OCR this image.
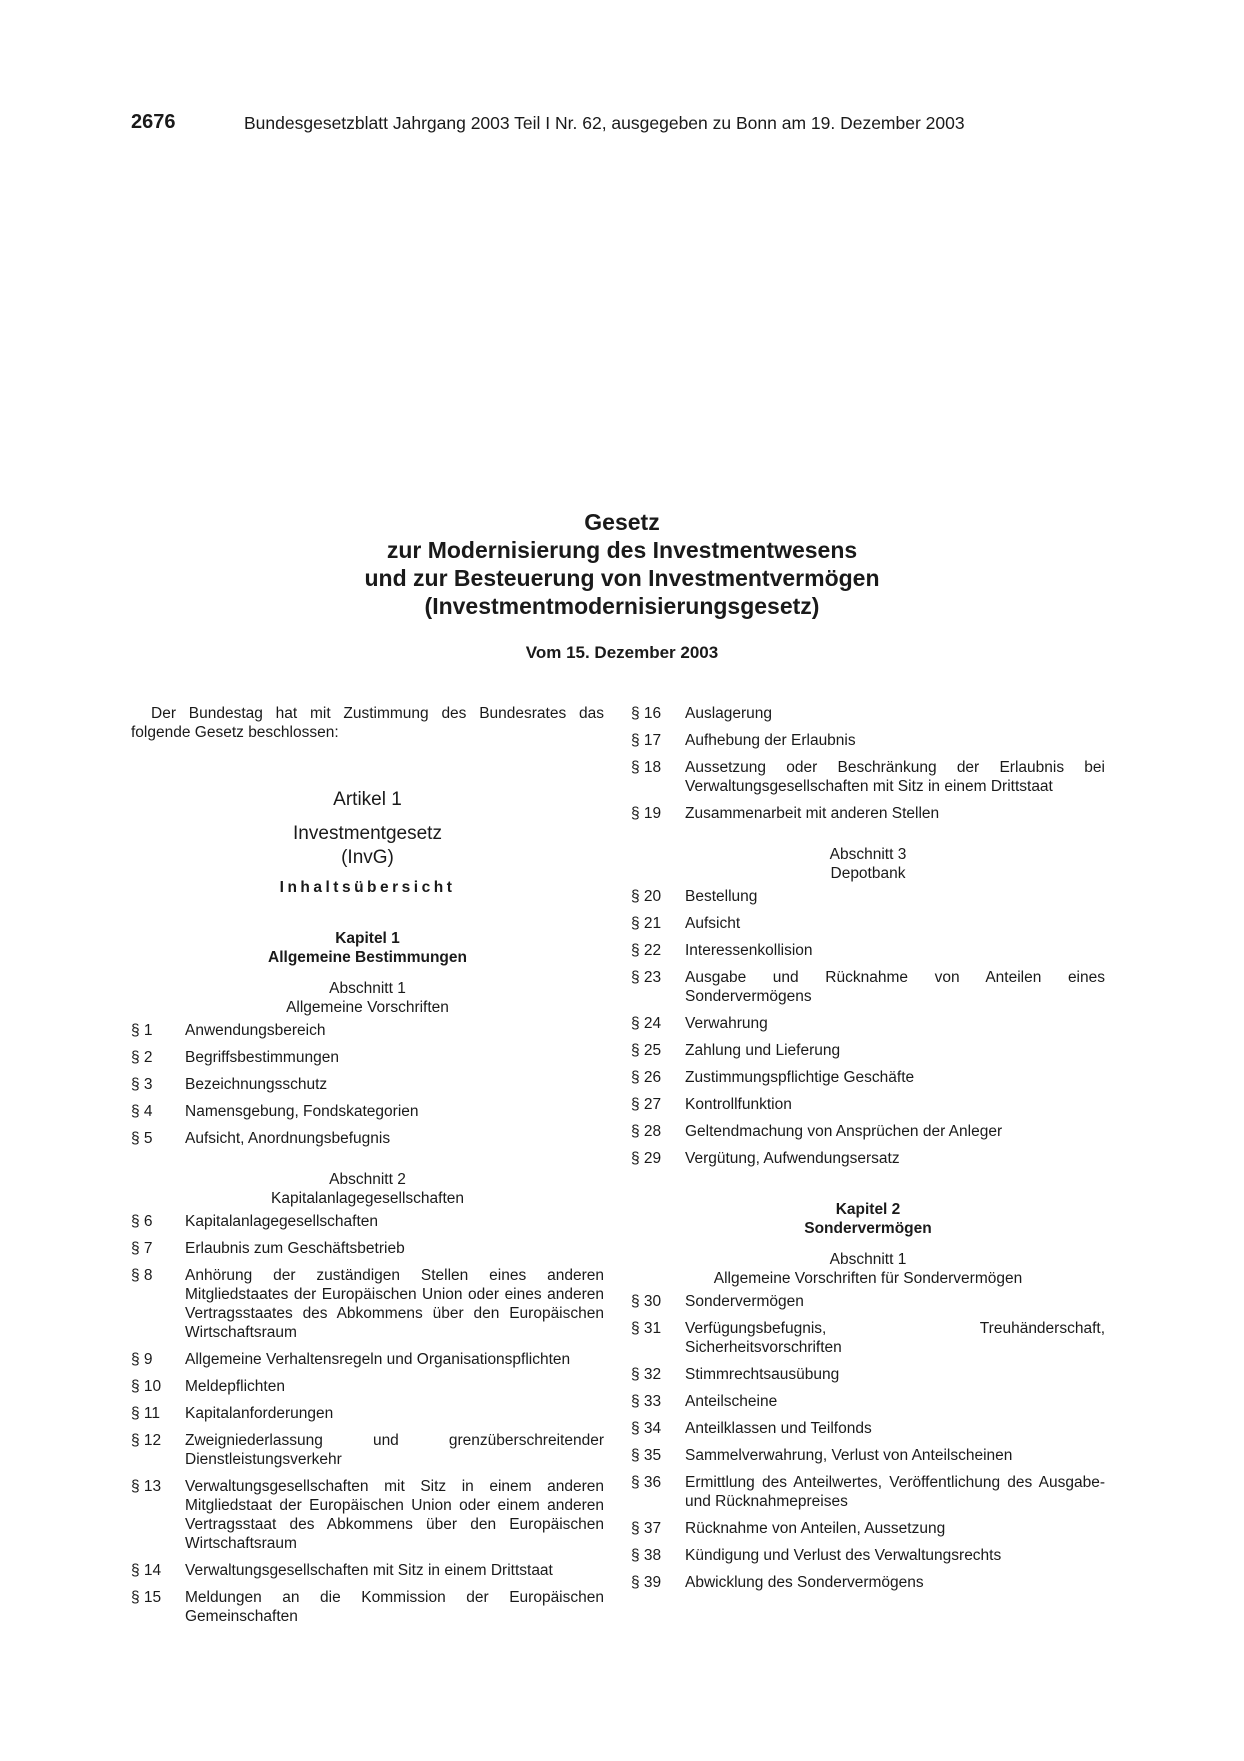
2676	Bundesgesetzblatt Jahrgang 2003 Teil I Nr. 62, ausgegeben zu Bonn am 19. Dezember 2003
Gesetz
zur Modernisierung des Investmentwesens
und zur Besteuerung von Investmentvermögen
(Investmentmodernisierungsgesetz)
Vom 15. Dezember 2003

Der Bundestag hat mit Zustimmung des Bundesrates das folgende Gesetz beschlossen:

Artikel 1
Investmentgesetz
(InvG)
Inhaltsübersicht
Kapitel 1
Allgemeine Bestimmungen
Abschnitt 1
Allgemeine Vorschriften
§ 1	Anwendungsbereich
§ 2	Begriffsbestimmungen
§ 3	Bezeichnungsschutz
§ 4	Namensgebung, Fondskategorien
§ 5	Aufsicht, Anordnungsbefugnis
Abschnitt 2
Kapitalanlagegesellschaften
§ 6	Kapitalanlagegesellschaften
§ 7	Erlaubnis zum Geschäftsbetrieb
§ 8	Anhörung der zuständigen Stellen eines anderen Mitgliedstaates der Europäischen Union oder eines anderen Vertragsstaates des Abkommens über den Europäischen Wirtschaftsraum
§ 9	Allgemeine Verhaltensregeln und Organisationspflichten
§ 10	Meldepflichten
§ 11	Kapitalanforderungen
§ 12	Zweigniederlassung und grenzüberschreitender Dienstleistungsverkehr
§ 13	Verwaltungsgesellschaften mit Sitz in einem anderen Mitgliedstaat der Europäischen Union oder einem anderen Vertragsstaat des Abkommens über den Europäischen Wirtschaftsraum
§ 14	Verwaltungsgesellschaften mit Sitz in einem Drittstaat
§ 15	Meldungen an die Kommission der Europäischen Gemeinschaften
§ 16	Auslagerung
§ 17	Aufhebung der Erlaubnis
§ 18	Aussetzung oder Beschränkung der Erlaubnis bei Verwaltungsgesellschaften mit Sitz in einem Drittstaat
§ 19	Zusammenarbeit mit anderen Stellen
Abschnitt 3
Depotbank
§ 20	Bestellung
§ 21	Aufsicht
§ 22	Interessenkollision
§ 23	Ausgabe und Rücknahme von Anteilen eines Sondervermögens
§ 24	Verwahrung
§ 25	Zahlung und Lieferung
§ 26	Zustimmungspflichtige Geschäfte
§ 27	Kontrollfunktion
§ 28	Geltendmachung von Ansprüchen der Anleger
§ 29	Vergütung, Aufwendungsersatz
Kapitel 2
Sondervermögen
Abschnitt 1
Allgemeine Vorschriften für Sondervermögen
§ 30	Sondervermögen
§ 31	Verfügungsbefugnis, Treuhänderschaft, Sicherheitsvorschriften
§ 32	Stimmrechtsausübung
§ 33	Anteilscheine
§ 34	Anteilklassen und Teilfonds
§ 35	Sammelverwahrung, Verlust von Anteilscheinen
§ 36	Ermittlung des Anteilwertes, Veröffentlichung des Ausgabe- und Rücknahmepreises
§ 37	Rücknahme von Anteilen, Aussetzung
§ 38	Kündigung und Verlust des Verwaltungsrechts
§ 39	Abwicklung des Sondervermögens
